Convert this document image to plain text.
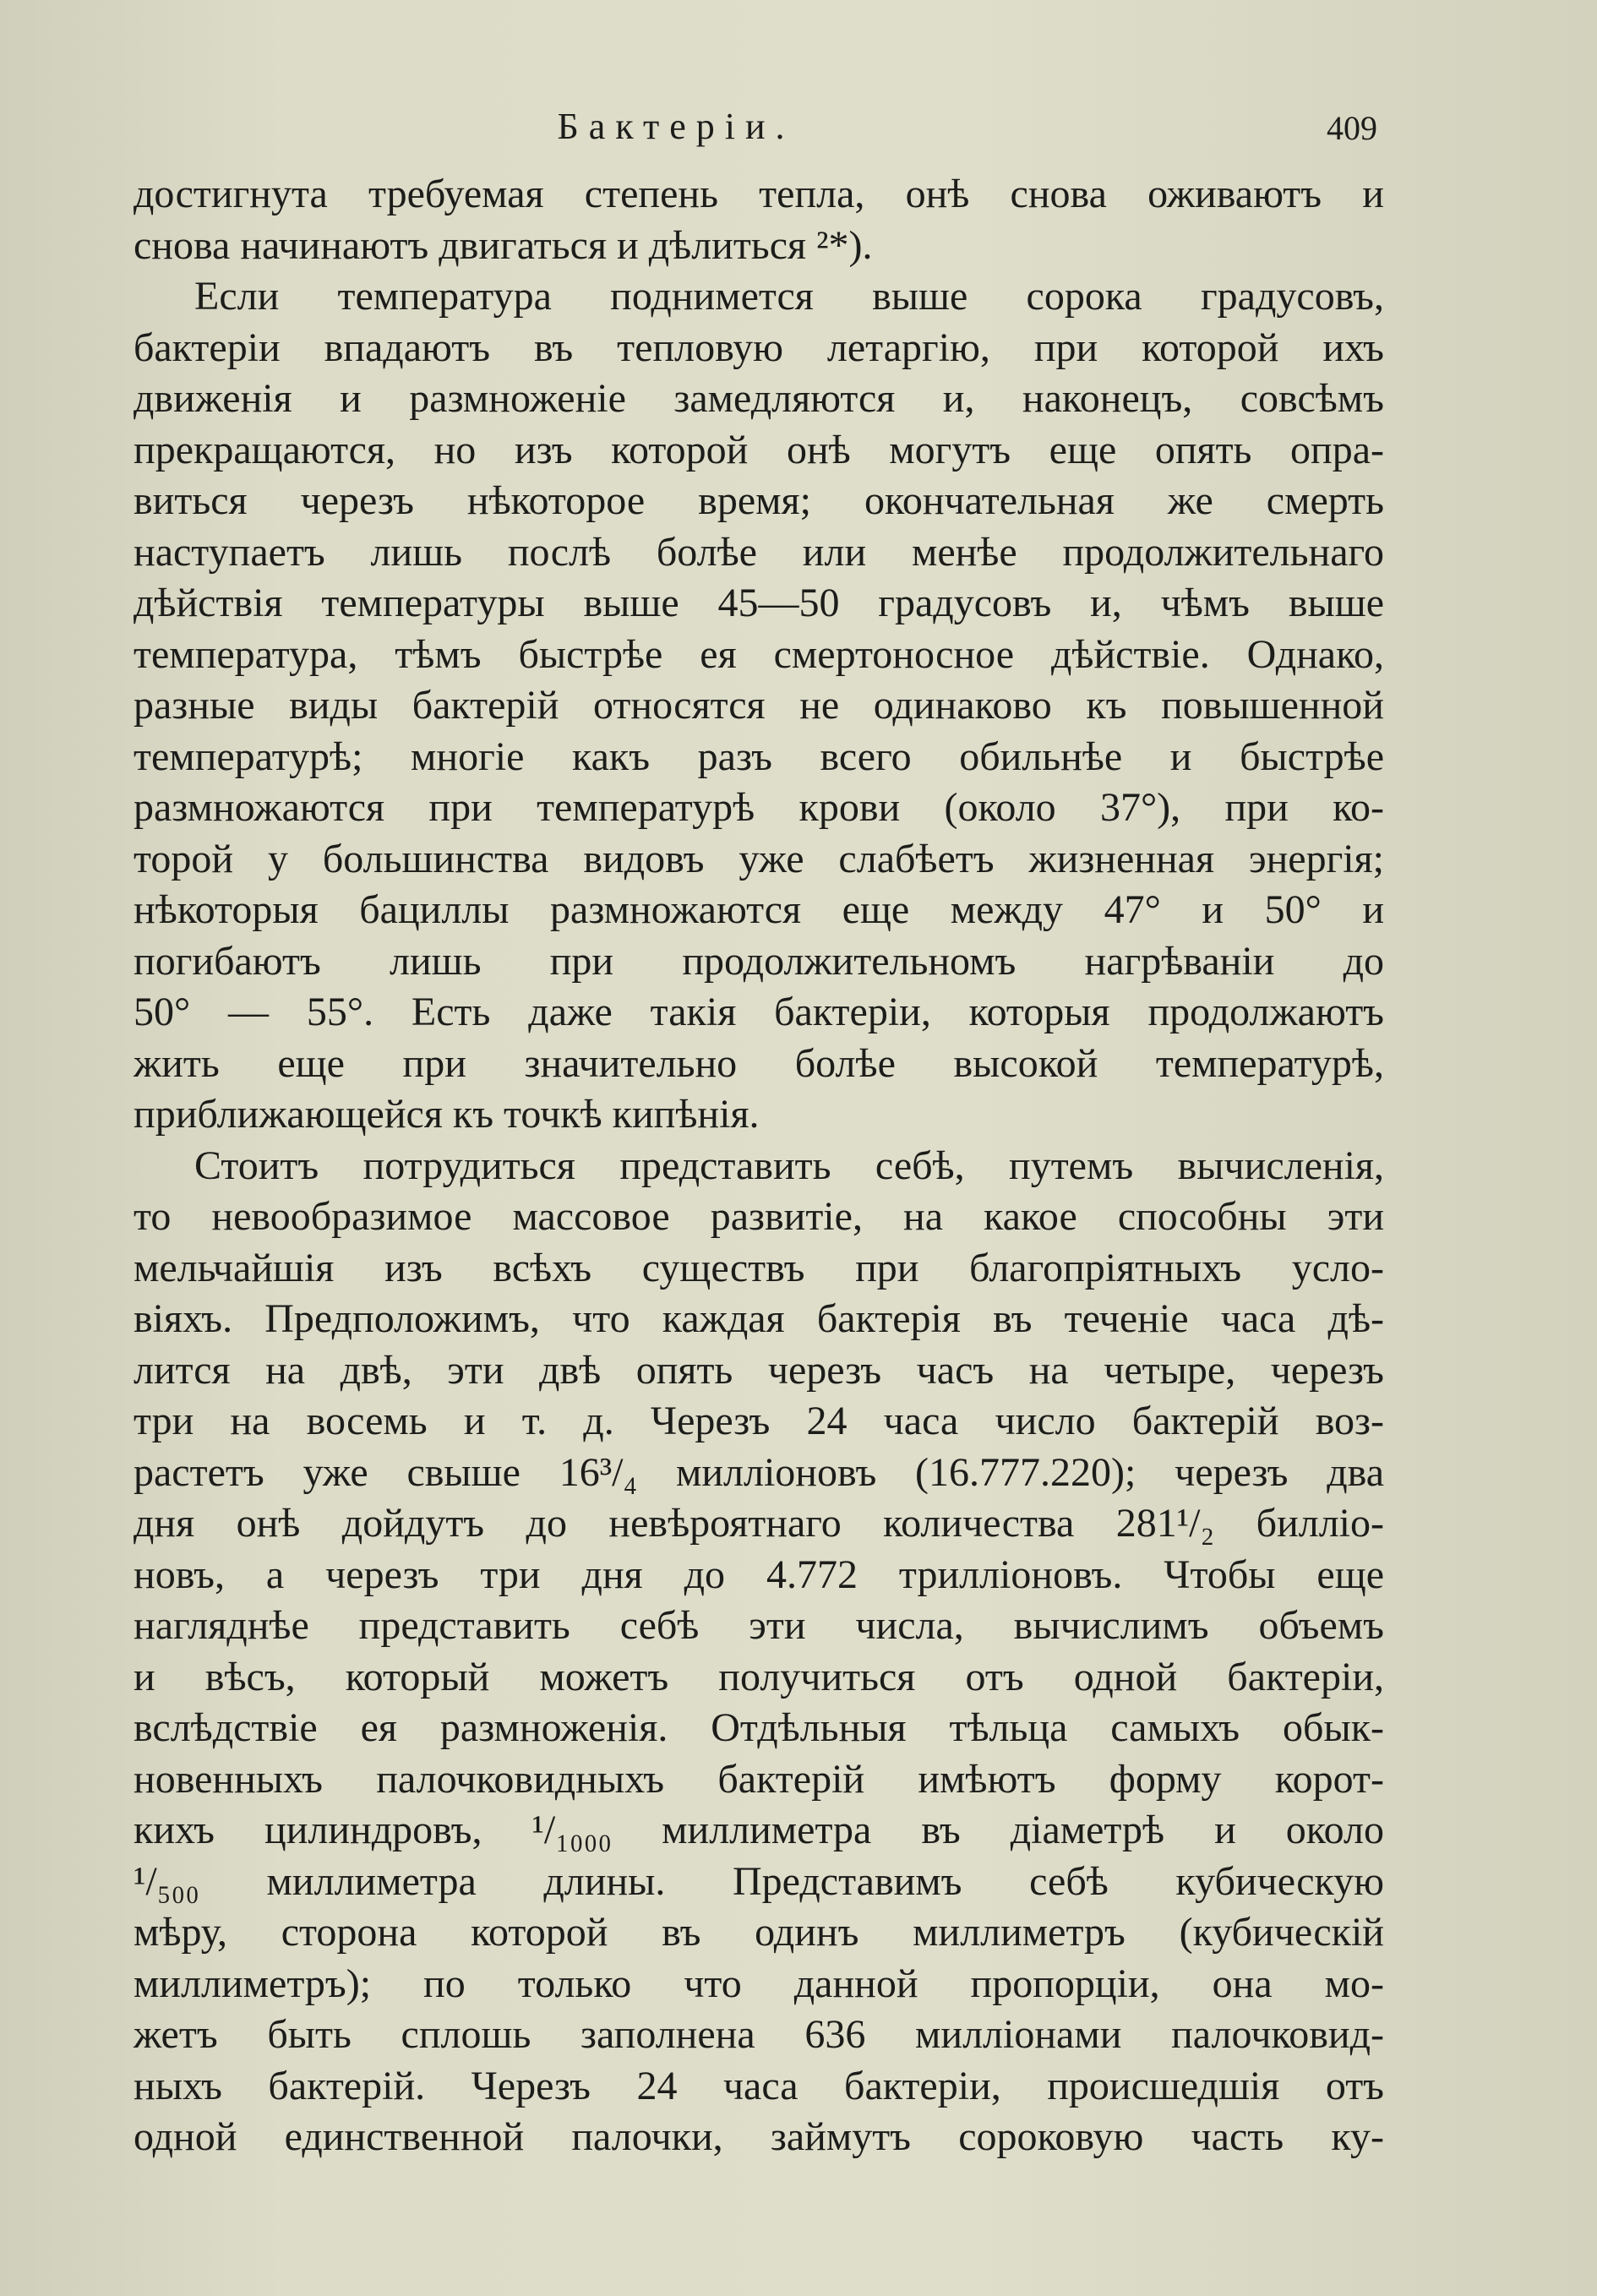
Бактерiи.	409
достигнута требуемая степень тепла, онѣ снова оживаютъ и
снова начинаютъ двигаться и дѣлиться ²*).
Если температура поднимется выше сорока градусовъ,
бактерiи впадаютъ въ тепловую летаргiю, при которой ихъ
движенiя и размноженiе замедляются и, наконецъ, совсѣмъ
прекращаются, но изъ которой онѣ могутъ еще опять опра-
виться черезъ нѣкоторое время; окончательная же смерть
наступаетъ лишь послѣ болѣе или менѣе продолжительнаго
дѣйствiя температуры выше 45—50 градусовъ и, чѣмъ выше
температура, тѣмъ быстрѣе ея смертоносное дѣйствiе. Однако,
разные виды бактерiй относятся не одинаково къ повышенной
температурѣ; многiе какъ разъ всего обильнѣе и быстрѣе
размножаются при температурѣ крови (около 37°), при ко-
торой у большинства видовъ уже слабѣетъ жизненная энергiя;
нѣкоторыя бациллы размножаются еще между 47° и 50° и
погибаютъ лишь при продолжительномъ нагрѣванiи до
50° — 55°. Есть даже такiя бактерiи, которыя продолжаютъ
жить еще при значительно болѣе высокой температурѣ,
приближающейся къ точкѣ кипѣнiя.
Стоитъ потрудиться представить себѣ, путемъ вычисленiя,
то невообразимое массовое развитiе, на какое способны эти
мельчайшiя изъ всѣхъ существъ при благопрiятныхъ усло-
вiяхъ. Предположимъ, что каждая бактерiя въ теченiе часа дѣ-
лится на двѣ, эти двѣ опять черезъ часъ на четыре, черезъ
три на восемь и т. д. Черезъ 24 часа число бактерiй воз-
растетъ уже свыше 16³/₄ миллiоновъ (16.777.220); черезъ два
дня онѣ дойдутъ до невѣроятнаго количества 281¹/₂ биллiо-
новъ, а черезъ три дня до 4.772 триллiоновъ. Чтобы еще
нагляднѣе представить себѣ эти числа, вычислимъ объемъ
и вѣсъ, который можетъ получиться отъ одной бактерiи,
вслѣдствiе ея размноженiя. Отдѣльныя тѣльца самыхъ обык-
новенныхъ палочковидныхъ бактерiй имѣютъ форму корот-
кихъ цилиндровъ, ¹/₁₀₀₀ миллиметра въ дiаметрѣ и около
¹/₅₀₀ миллиметра длины. Представимъ себѣ кубическую
мѣру, сторона которой въ одинъ миллиметръ (кубическiй
миллиметръ); по только что данной пропорцiи, она мо-
жетъ быть сплошь заполнена 636 миллiонами палочковид-
ныхъ бактерiй. Черезъ 24 часа бактерiи, происшедшiя отъ
одной единственной палочки, займутъ сороковую часть ку-
